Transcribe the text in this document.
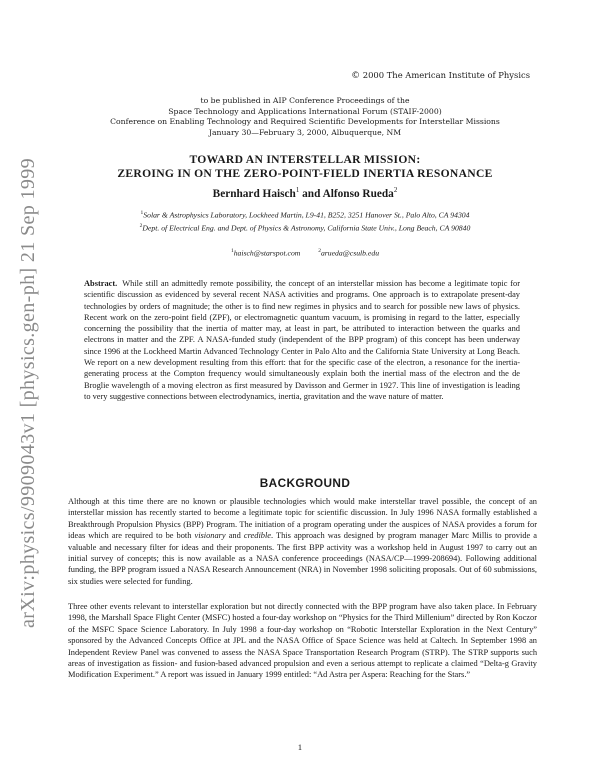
arXiv:physics/9909043v1 [physics.gen-ph] 21 Sep 1999
© 2000 The American Institute of Physics
to be published in AIP Conference Proceedings of the
Space Technology and Applications International Forum (STAIF-2000)
Conference on Enabling Technology and Required Scientific Developments for Interstellar Missions
January 30—February 3, 2000, Albuquerque, NM
TOWARD AN INTERSTELLAR MISSION:
ZEROING IN ON THE ZERO-POINT-FIELD INERTIA RESONANCE
Bernhard Haisch$^1$ and Alfonso Rueda$^2$
$^1$Solar & Astrophysics Laboratory, Lockheed Martin, L9-41, B252, 3251 Hanover St., Palo Alto, CA 94304
$^2$Dept. of Electrical Eng. and Dept. of Physics & Astronomy, California State Univ., Long Beach, CA 90840
$^1$haisch@starspot.com	$^2$arueda@csulb.edu
Abstract. While still an admittedly remote possibility, the concept of an interstellar mission has become a legitimate topic for scientific discussion as evidenced by several recent NASA activities and programs. One approach is to extrapolate present-day technologies by orders of magnitude; the other is to find new regimes in physics and to search for possible new laws of physics. Recent work on the zero-point field (ZPF), or electromagnetic quantum vacuum, is promising in regard to the latter, especially concerning the possibility that the inertia of matter may, at least in part, be attributed to interaction between the quarks and electrons in matter and the ZPF. A NASA-funded study (independent of the BPP program) of this concept has been underway since 1996 at the Lockheed Martin Advanced Technology Center in Palo Alto and the California State University at Long Beach. We report on a new development resulting from this effort: that for the specific case of the electron, a resonance for the inertia-generating process at the Compton frequency would simultaneously explain both the inertial mass of the electron and the de Broglie wavelength of a moving electron as first measured by Davisson and Germer in 1927. This line of investigation is leading to very suggestive connections between electrodynamics, inertia, gravitation and the wave nature of matter.
BACKGROUND
Although at this time there are no known or plausible technologies which would make interstellar travel possible, the concept of an interstellar mission has recently started to become a legitimate topic for scientific discussion. In July 1996 NASA formally established a Breakthrough Propulsion Physics (BPP) Program. The initiation of a program operating under the auspices of NASA provides a forum for ideas which are required to be both visionary and credible. This approach was designed by program manager Marc Millis to provide a valuable and necessary filter for ideas and their proponents. The first BPP activity was a workshop held in August 1997 to carry out an initial survey of concepts; this is now available as a NASA conference proceedings (NASA/CP—1999-208694). Following additional funding, the BPP program issued a NASA Research Announcement (NRA) in November 1998 soliciting proposals. Out of 60 submissions, six studies were selected for funding.
Three other events relevant to interstellar exploration but not directly connected with the BPP program have also taken place. In February 1998, the Marshall Space Flight Center (MSFC) hosted a four-day workshop on “Physics for the Third Millenium” directed by Ron Koczor of the MSFC Space Science Laboratory. In July 1998 a four-day workshop on “Robotic Interstellar Exploration in the Next Century” sponsored by the Advanced Concepts Office at JPL and the NASA Office of Space Science was held at Caltech. In September 1998 an Independent Review Panel was convened to assess the NASA Space Transportation Research Program (STRP). The STRP supports such areas of investigation as fission- and fusion-based advanced propulsion and even a serious attempt to replicate a claimed “Delta-g Gravity Modification Experiment.” A report was issued in January 1999 entitled: “Ad Astra per Aspera: Reaching for the Stars.”
1
